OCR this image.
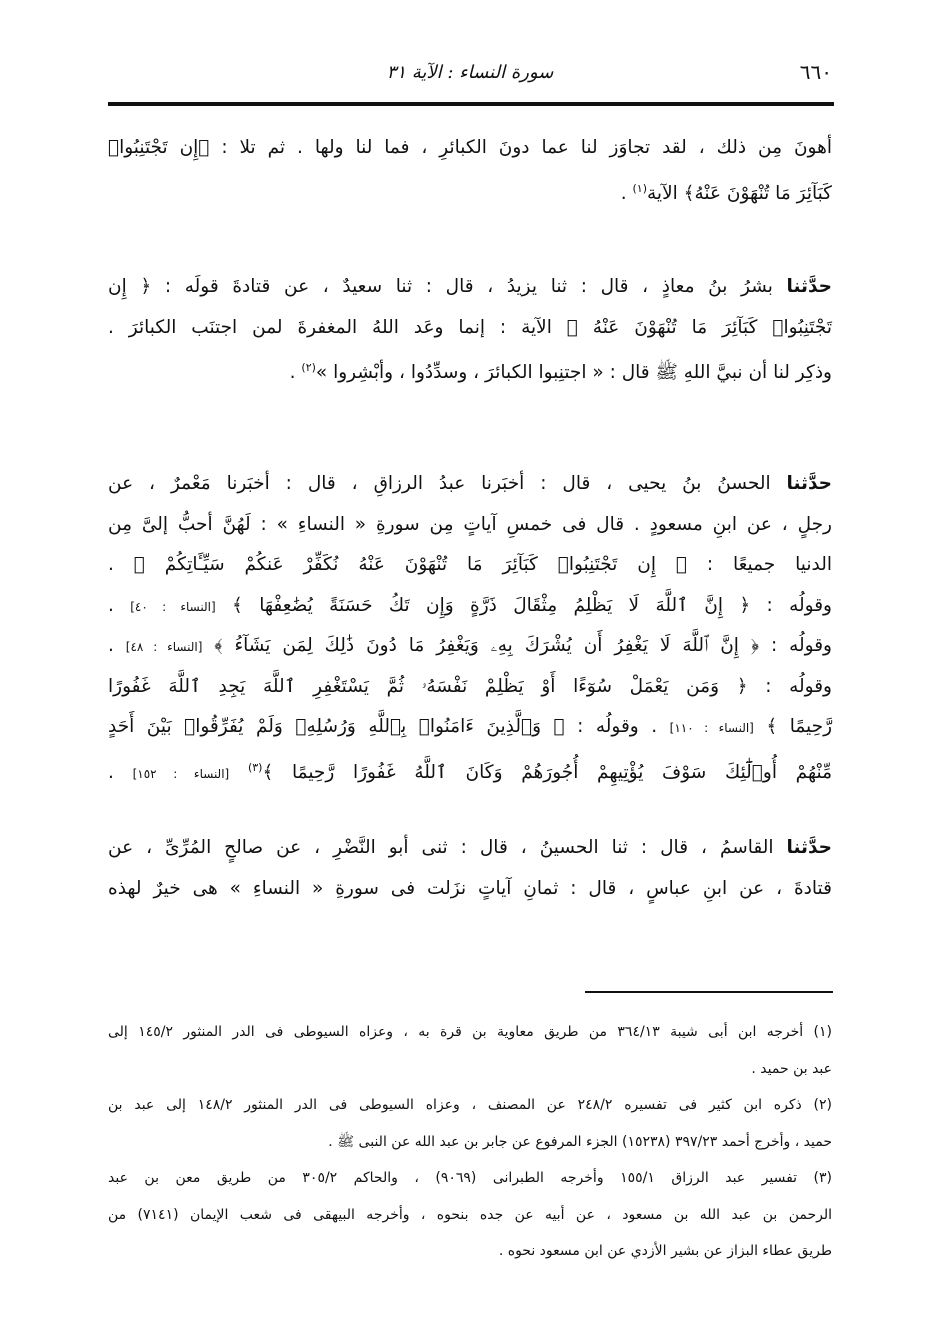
٦٦٠
سورة النساء : الآية ٣١
أهونَ مِن ذلك ، لقد تجاوَز لنا عما دونَ الكبائرِ ، فما لنا ولها . ثم تلا : ﴿إِن تَجْتَنِبُوا۟
كَبَآئِرَ مَا تُنْهَوْنَ عَنْهُ﴾ الآية$^{(١)}$ .
حدَّثنا بشرُ بنُ معاذٍ ، قال : ثنا يزيدُ ، قال : ثنا سعيدٌ ، عن قتادةَ قولَه : ﴿ إِن
تَجْتَنِبُوا۟ كَبَآئِرَ مَا تُنْهَوْنَ عَنْهُ ﴾ الآية : إنما وعَد اللهُ المغفرةَ لمن اجتنَب الكبائرَ .
وذكِر لنا أن نبيَّ اللهِ ﷺ قال : « اجتنِبوا الكبائرَ ، وسدِّدُوا ، وأبْشِروا »$^{(٢)}$ .
حدَّثنا الحسنُ بنُ يحيى ، قال : أخبَرنا عبدُ الرزاقِ ، قال : أخبَرنا مَعْمرٌ ، عن
رجلٍ ، عن ابنِ مسعودٍ . قال فى خمسِ آياتٍ مِن سورةِ « النساءِ » : لَهُنَّ أحبُّ إلىَّ مِن
الدنيا جميعًا : ﴿ إِن تَجْتَنِبُوا۟ كَبَآئِرَ مَا تُنْهَوْنَ عَنْهُ نُكَفِّرْ عَنكُمْ سَيِّـَٔاتِكُمْ ﴾ .
وقولُه : ﴿ إِنَّ ٱللَّهَ لَا يَظْلِمُ مِثْقَالَ ذَرَّةٍ وَإِن تَكُ حَسَنَةً يُضَٰعِفْهَا ﴾ [النساء : ٤٠] .
وقولُه : ﴿ إِنَّ ٱللَّهَ لَا يَغْفِرُ أَن يُشْرَكَ بِهِۦ وَيَغْفِرُ مَا دُونَ ذَٰلِكَ لِمَن يَشَآءُ ﴾ [النساء : ٤٨] .
وقولُه : ﴿ وَمَن يَعْمَلْ سُوٓءًا أَوْ يَظْلِمْ نَفْسَهُۥ ثُمَّ يَسْتَغْفِرِ ٱللَّهَ يَجِدِ ٱللَّهَ غَفُورًا
رَّحِيمًا ﴾ [النساء : ١١٠] . وقولُه : ﴿ وَٱلَّذِينَ ءَامَنُوا۟ بِٱللَّهِ وَرُسُلِهِۦ وَلَمْ يُفَرِّقُوا۟ بَيْنَ أَحَدٍ
مِّنْهُمْ أُو۟لَٰٓئِكَ سَوْفَ يُؤْتِيهِمْ أُجُورَهُمْ وَكَانَ ٱللَّهُ غَفُورًا رَّحِيمًا ﴾$^{(٣)}$ [النساء : ١٥٢] .
حدَّثنا القاسمُ ، قال : ثنا الحسينُ ، قال : ثنى أبو النَّضْرِ ، عن صالحٍ المُرِّىِّ ، عن
قتادةَ ، عن ابنِ عباسٍ ، قال : ثمانِ آياتٍ نزَلت فى سورةِ « النساءِ » هى خيرٌ لهذه
(١) أخرجه ابن أبى شيبة ٣٦٤/١٣ من طريق معاوية بن قرة به ، وعزاه السيوطى فى الدر المنثور ١٤٥/٢ إلى
عبد بن حميد .
(٢) ذكره ابن كثير فى تفسيره ٢٤٨/٢ عن المصنف ، وعزاه السيوطى فى الدر المنثور ١٤٨/٢ إلى عبد بن
حميد ، وأخرج أحمد ٣٩٧/٢٣ (١٥٢٣٨) الجزء المرفوع عن جابر بن عبد الله عن النبى ﷺ .
(٣) تفسير عبد الرزاق ١٥٥/١ وأخرجه الطبرانى (٩٠٦٩) ، والحاكم ٣٠٥/٢ من طريق معن بن عبد
الرحمن بن عبد الله بن مسعود ، عن أبيه عن جده بنحوه ، وأخرجه البيهقى فى شعب الإيمان (٧١٤١) من
طريق عطاء البزاز عن بشير الأزدي عن ابن مسعود نحوه .
